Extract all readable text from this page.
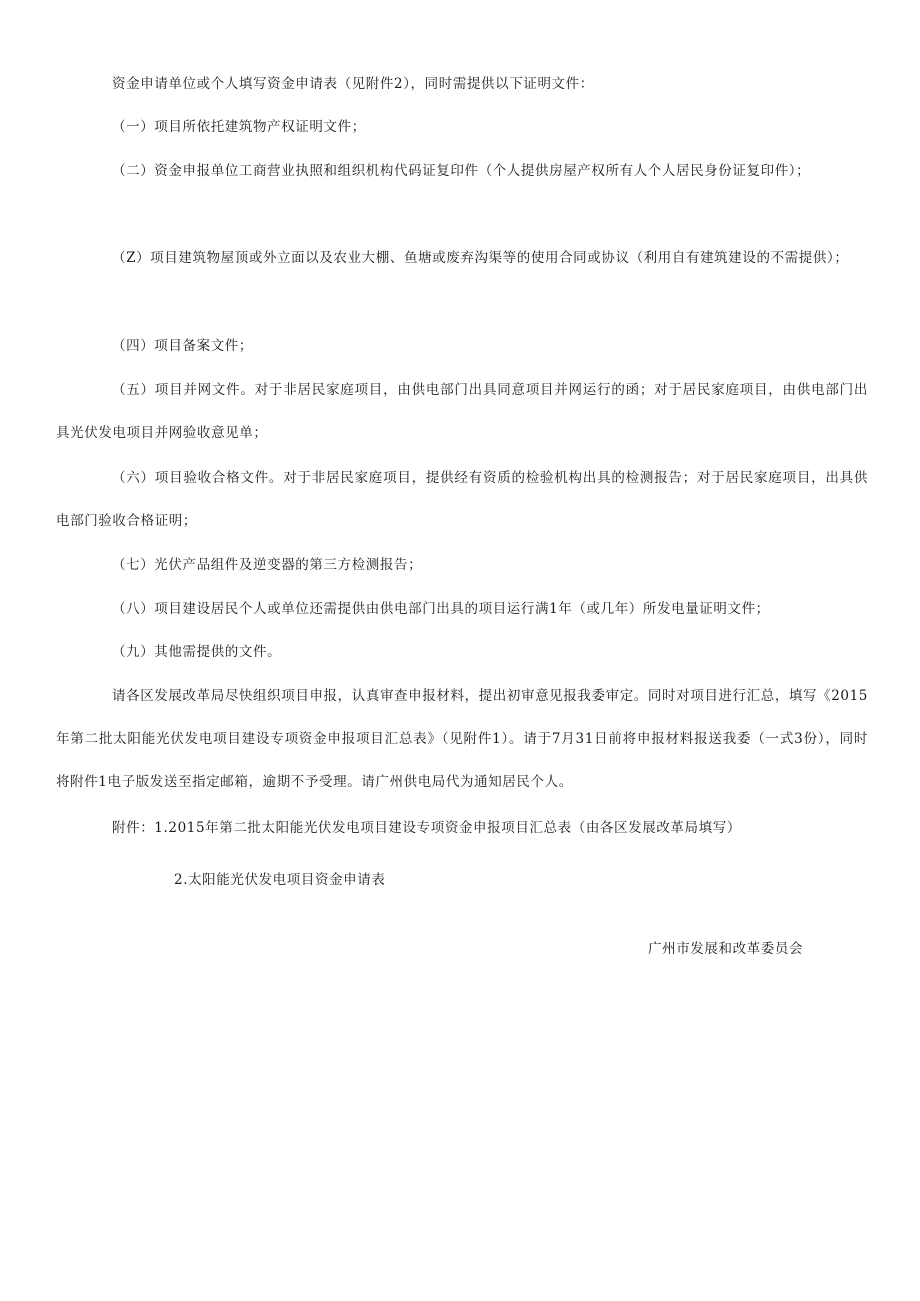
资金申请单位或个人填写资金申请表（见附件2），同时需提供以下证明文件：

（一）项目所依托建筑物产权证明文件；

（二）资金申报单位工商营业执照和组织机构代码证复印件（个人提供房屋产权所有人个人居民身份证复印件）；

（Z）项目建筑物屋顶或外立面以及农业大棚、鱼塘或废弃沟渠等的使用合同或协议（利用自有建筑建设的不需提供）；

（四）项目备案文件；

（五）项目并网文件。对于非居民家庭项目，由供电部门出具同意项目并网运行的函；对于居民家庭项目，由供电部门出具光伏发电项目并网验收意见单；

（六）项目验收合格文件。对于非居民家庭项目，提供经有资质的检验机构出具的检测报告；对于居民家庭项目，出具供电部门验收合格证明；

（七）光伏产品组件及逆变器的第三方检测报告；

（八）项目建设居民个人或单位还需提供由供电部门出具的项目运行满1年（或几年）所发电量证明文件；

（九）其他需提供的文件。

请各区发展改革局尽快组织项目申报，认真审查申报材料，提出初审意见报我委审定。同时对项目进行汇总，填写《2015年第二批太阳能光伏发电项目建设专项资金申报项目汇总表》（见附件1）。请于7月31日前将申报材料报送我委（一式3份），同时将附件1电子版发送至指定邮箱，逾期不予受理。请广州供电局代为通知居民个人。

附件：1.2015年第二批太阳能光伏发电项目建设专项资金申报项目汇总表（由各区发展改革局填写）

2.太阳能光伏发电项目资金申请表

广州市发展和改革委员会
